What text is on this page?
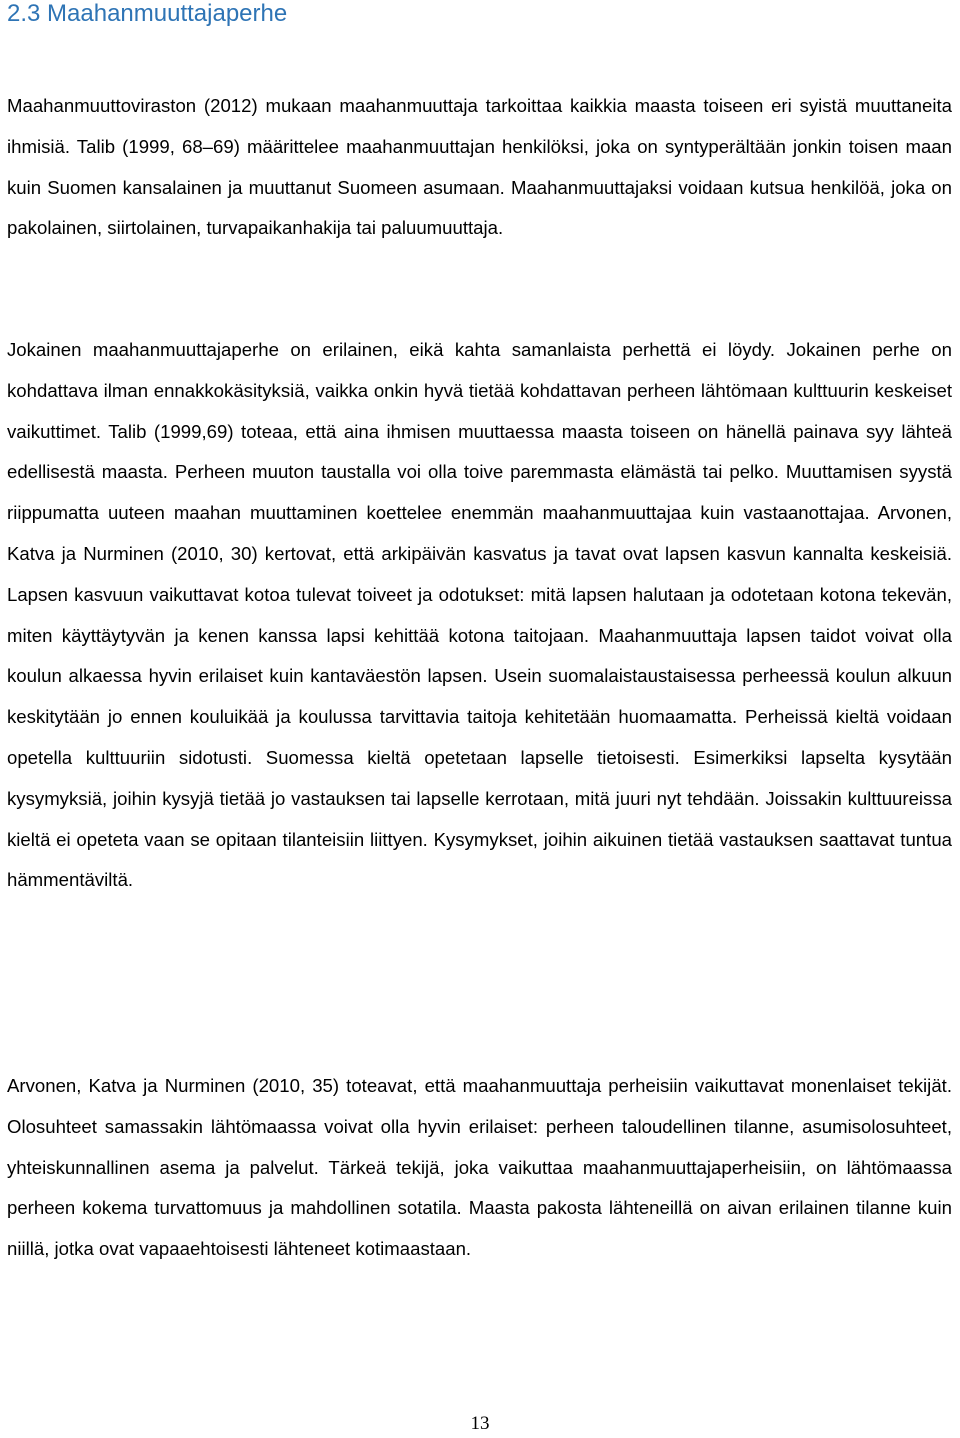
2.3 Maahanmuuttajaperhe

Maahanmuuttoviraston (2012) mukaan maahanmuuttaja tarkoittaa kaikkia maasta toiseen eri syistä muuttaneita ihmisiä. Talib (1999, 68–69) määrittelee maahanmuuttajan henkilöksi, joka on syntyperältään jonkin toisen maan kuin Suomen kansalainen ja muuttanut Suomeen asumaan. Maahanmuuttajaksi voidaan kutsua henkilöä, joka on pakolainen, siirtolainen, turvapaikanhakija tai paluumuuttaja.

Jokainen maahanmuuttajaperhe on erilainen, eikä kahta samanlaista perhettä ei löydy. Jokainen perhe on kohdattava ilman ennakkokäsityksiä, vaikka onkin hyvä tietää kohdattavan perheen lähtömaan kulttuurin keskeiset vaikuttimet. Talib (1999,69) toteaa, että aina ihmisen muuttaessa maasta toiseen on hänellä painava syy lähteä edellisestä maasta. Perheen muuton taustalla voi olla toive paremmasta elämästä tai pelko. Muuttamisen syystä riippumatta uuteen maahan muuttaminen koettelee enemmän maahanmuuttajaa kuin vastaanottajaa. Arvonen, Katva ja Nurminen (2010, 30) kertovat, että arkipäivän kasvatus ja tavat ovat lapsen kasvun kannalta keskeisiä. Lapsen kasvuun vaikuttavat kotoa tulevat toiveet ja odotukset: mitä lapsen halutaan ja odotetaan kotona tekevän, miten käyttäytyvän ja kenen kanssa lapsi kehittää kotona taitojaan. Maahanmuuttaja lapsen taidot voivat olla koulun alkaessa hyvin erilaiset kuin kantaväestön lapsen. Usein suomalaistaustaisessa perheessä koulun alkuun keskitytään jo ennen kouluikää ja koulussa tarvittavia taitoja kehitetään huomaamatta. Perheissä kieltä voidaan opetella kulttuuriin sidotusti. Suomessa kieltä opetetaan lapselle tietoisesti. Esimerkiksi lapselta kysytään kysymyksiä, joihin kysyjä tietää jo vastauksen tai lapselle kerrotaan, mitä juuri nyt tehdään. Joissakin kulttuureissa kieltä ei opeteta vaan se opitaan tilanteisiin liittyen. Kysymykset, joihin aikuinen tietää vastauksen saattavat tuntua hämmentäviltä.

Arvonen, Katva ja Nurminen (2010, 35) toteavat, että maahanmuuttaja perheisiin vaikuttavat monenlaiset tekijät. Olosuhteet samassakin lähtömaassa voivat olla hyvin erilaiset: perheen taloudellinen tilanne, asumisolosuhteet, yhteiskunnallinen asema ja palvelut. Tärkeä tekijä, joka vaikuttaa maahanmuuttajaperheisiin, on lähtömaassa perheen kokema turvattomuus ja mahdollinen sotatila. Maasta pakosta lähteneillä on aivan erilainen tilanne kuin niillä, jotka ovat vapaaehtoisesti lähteneet kotimaastaan.

13
